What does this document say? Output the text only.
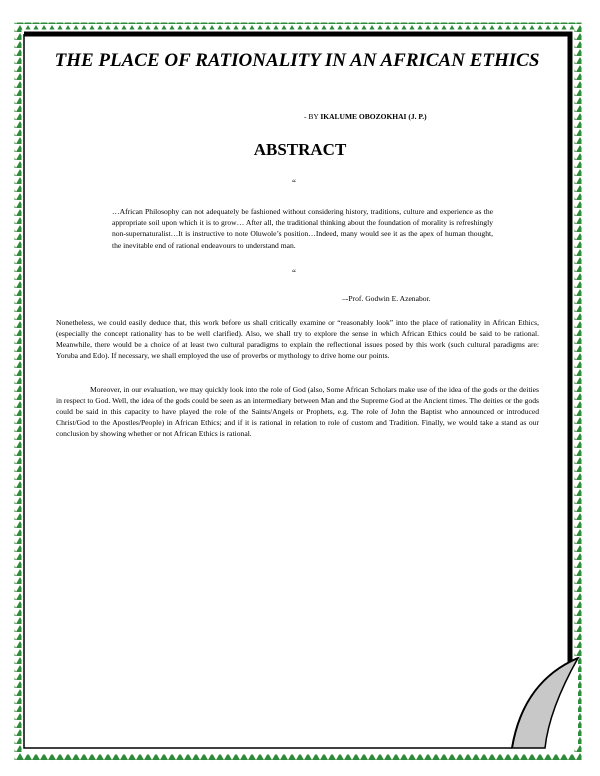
THE PLACE OF RATIONALITY IN AN AFRICAN ETHICS
- BY IKALUME OBOZOKHAI (J. P.)
ABSTRACT
“
…African Philosophy can not adequately be fashioned without considering history, traditions, culture and experience as the appropriate soil upon which it is to grow… After all, the traditional thinking about the foundation of morality is refreshingly non-supernaturalist…It is instructive to note Oluwole’s position…Indeed, many would see it as the apex of human thought, the inevitable end of rational endeavours to understand man.
“
–-Prof. Godwin E. Azenabor.

Nonetheless, we could easily deduce that, this work before us shall critically examine or “reasonably look” into the place of rationality in African Ethics, (especially the concept rationality has to be well clarified). Also, we shall try to explore the sense in which African Ethics could be said to be rational. Meanwhile, there would be a choice of at least two cultural paradigms to explain the reflectional issues posed by this work (such cultural paradigms are: Yoruba and Edo). If necessary, we shall employed the use of proverbs or mythology to drive home our points.

Moreover, in our evaluation, we may quickly look into the role of God (also, Some African Scholars make use of the idea of the gods or the deities in respect to God. Well, the idea of the gods could be seen as an intermediary between Man and the Supreme God at the Ancient times. The deities or the gods could be said in this capacity to have played the role of the Saints/Angels or Prophets, e.g. The role of John the Baptist who announced or introduced Christ/God to the Apostles/People) in African Ethics; and if it is rational in relation to role of custom and Tradition. Finally, we would take a stand as our conclusion by showing whether or not African Ethics is rational.
